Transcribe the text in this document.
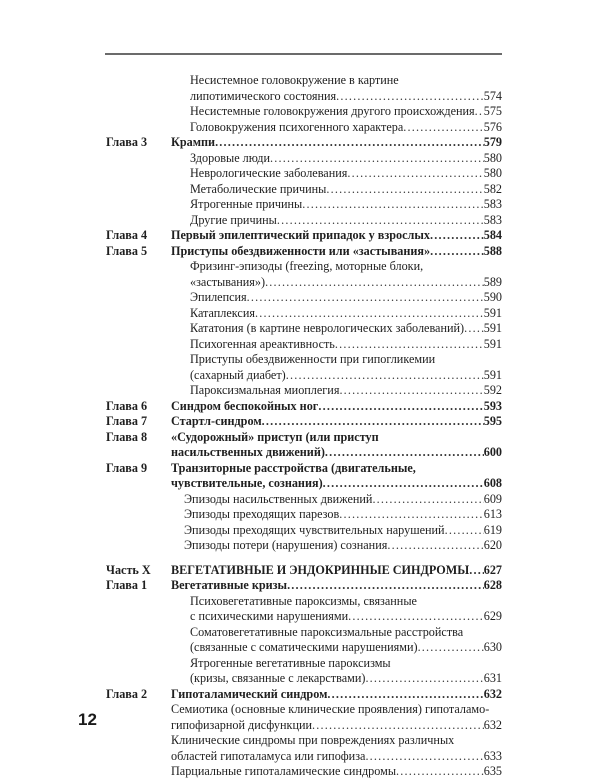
Несистемное головокружение в картине
липотимического состояния .....	574
Несистемные головокружения другого происхождения ..... 575
Головокружения психогенного характера .....	576
Глава 3 Крампи .....	579
Здоровые люди .....	580
Неврологические заболевания .....	580
Метаболические причины .....	582
Ятрогенные причины .....	583
Другие причины .....	583
Глава 4 Первый эпилептический припадок у взрослых .....	584
Глава 5 Приступы обездвиженности или «застывания» .....	588
Фризинг-эпизоды (freezing, моторные блоки,
«застывания») .....	589
Эпилепсия .....	590
Катаплексия .....	591
Кататония (в картине неврологических заболеваний) ..... 591
Психогенная ареактивность .....	591
Приступы обездвиженности при гипогликемии
(сахарный диабет) .....	591
Пароксизмальная миоплегия .....	592
Глава 6 Синдром беспокойных ног .....	593
Глава 7 Стартл-синдром .....	595
Глава 8 «Судорожный» приступ (или приступ
насильственных движений) .....	600
Глава 9 Транзиторные расстройства (двигательные,
чувствительные, сознания) .....	608
Эпизоды насильственных движений .....	609
Эпизоды преходящих парезов .....	613
Эпизоды преходящих чувствительных нарушений .....	619
Эпизоды потери (нарушения) сознания .....	620
Часть X ВЕГЕТАТИВНЫЕ И ЭНДОКРИННЫЕ СИНДРОМЫ ..... 627
Глава 1 Вегетативные кризы .....	628
Психовегетативные пароксизмы, связанные
с психическими нарушениями .....	629
Соматовегетативные пароксизмальные расстройства
(связанные с соматическими нарушениями) .....	630
Ятрогенные вегетативные пароксизмы
(кризы, связанные с лекарствами) .....	631
Глава 2 Гипоталамический синдром .....	632
Семиотика (основные клинические проявления) гипоталамо-
гипофизарной дисфункции .....	632
Клинические синдромы при повреждениях различных
областей гипоталамуса или гипофиза .....	633
Парциальные гипоталамические синдромы .....	635
12
